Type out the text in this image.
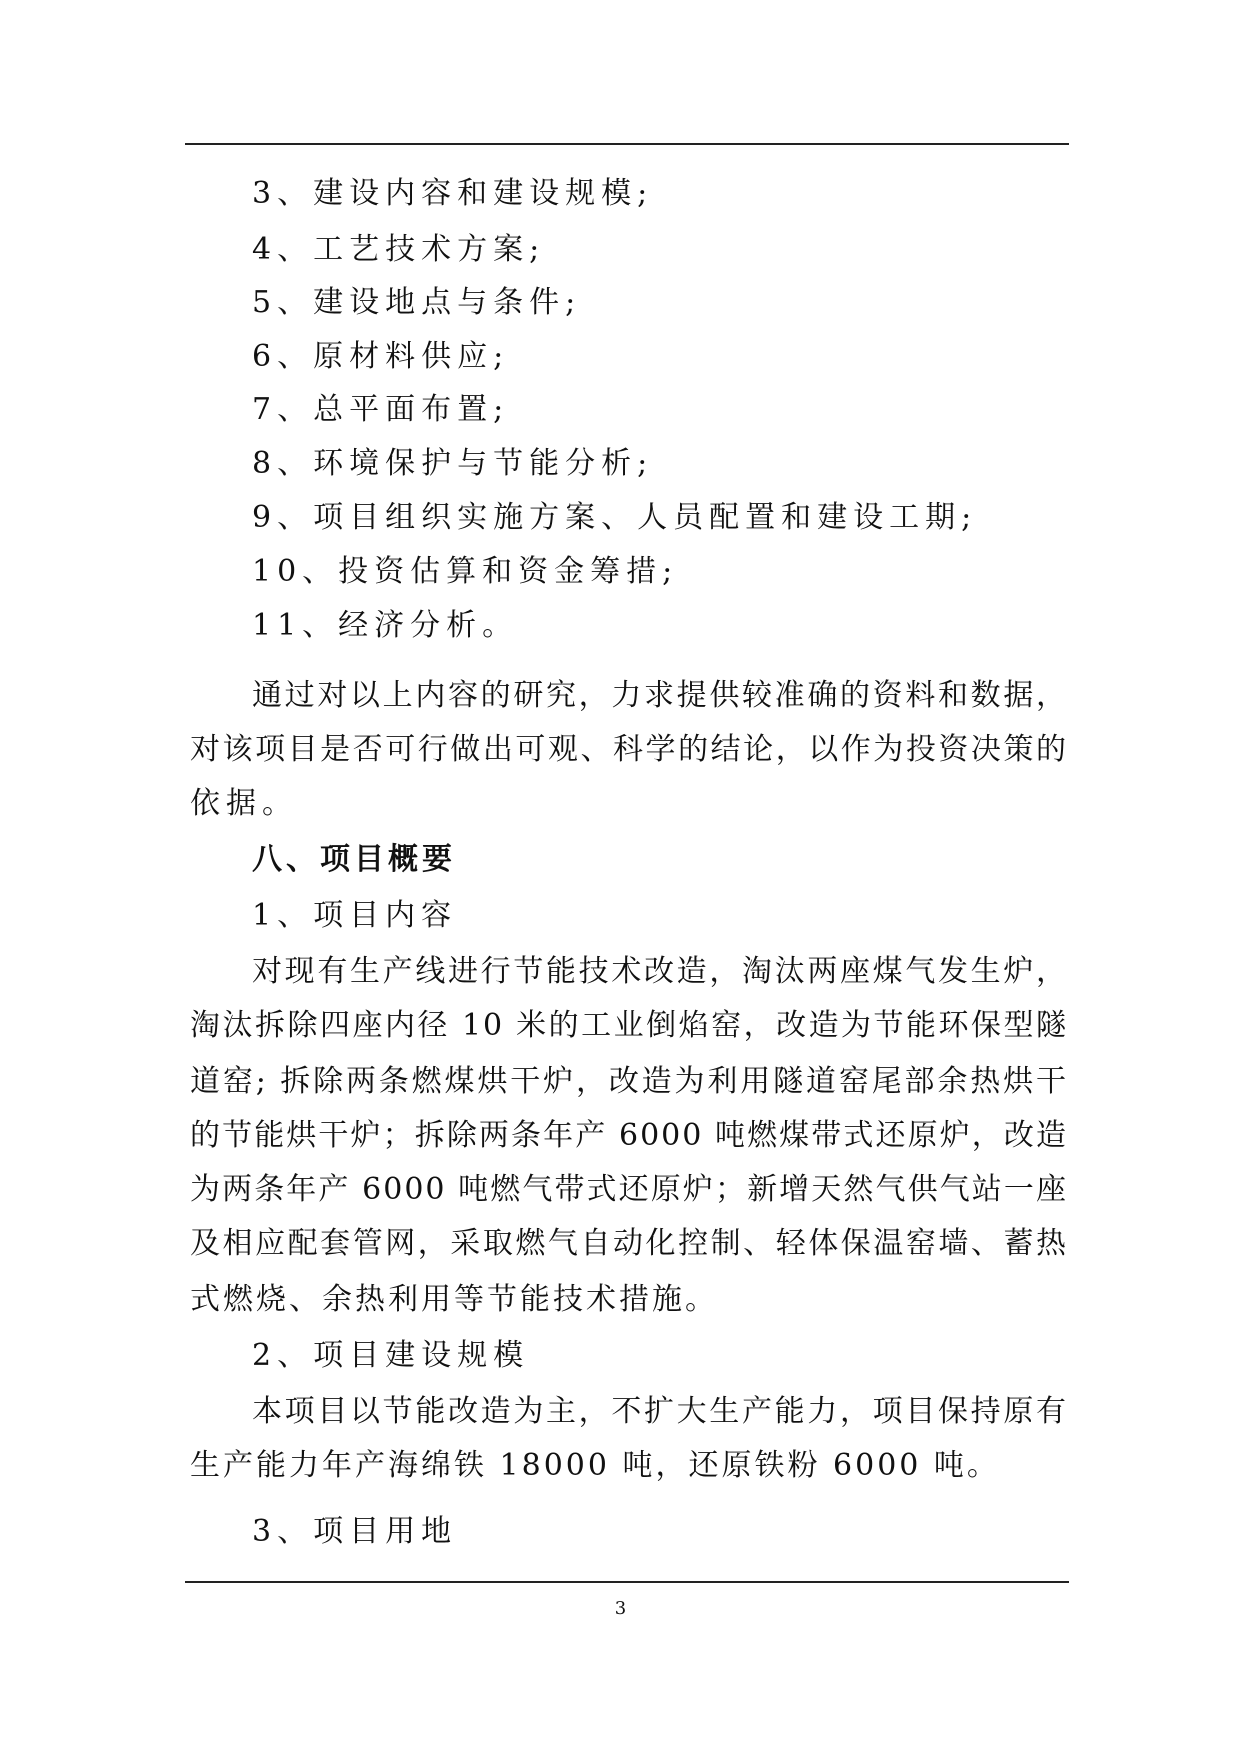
3、建设内容和建设规模;
4、工艺技术方案;
5、建设地点与条件;
6、原材料供应;
7、总平面布置;
8、环境保护与节能分析;
9、项目组织实施方案、人员配置和建设工期;
10、投资估算和资金筹措;
11、经济分析。
通过对以上内容的研究，力求提供较准确的资料和数据，
对该项目是否可行做出可观、科学的结论，以作为投资决策的
依据。
八、项目概要
1、项目内容
对现有生产线进行节能技术改造，淘汰两座煤气发生炉，
淘汰拆除四座内径 10 米的工业倒焰窑，改造为节能环保型隧
道窑; 拆除两条燃煤烘干炉，改造为利用隧道窑尾部余热烘干
的节能烘干炉；拆除两条年产 6000 吨燃煤带式还原炉，改造
为两条年产 6000 吨燃气带式还原炉；新增天然气供气站一座
及相应配套管网，采取燃气自动化控制、轻体保温窑墙、蓄热
式燃烧、余热利用等节能技术措施。
2、项目建设规模
本项目以节能改造为主，不扩大生产能力，项目保持原有
生产能力年产海绵铁 18000 吨，还原铁粉 6000 吨。
3、项目用地
3
